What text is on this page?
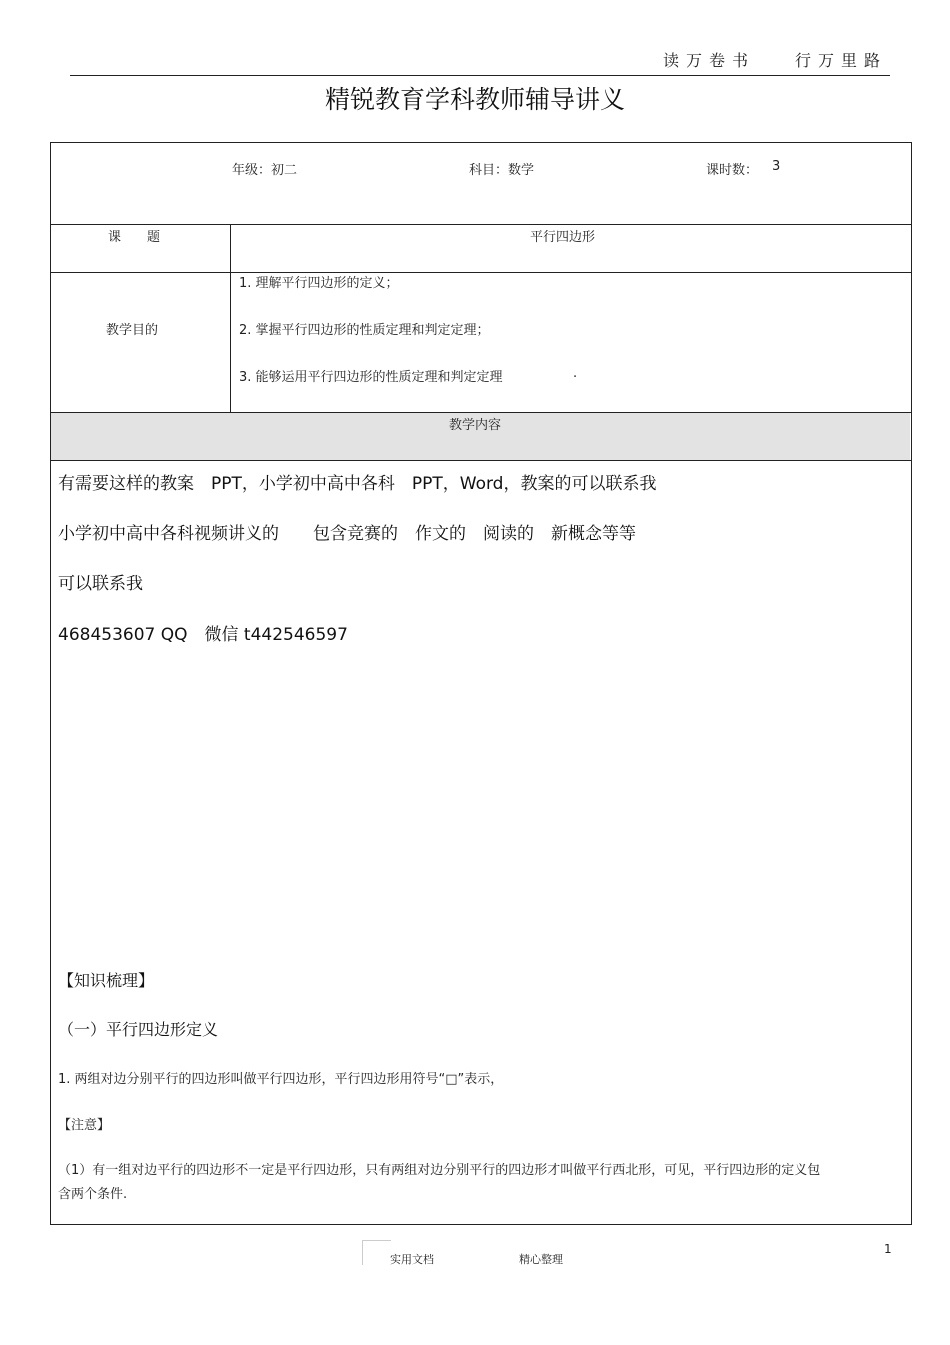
读万卷书 行万里路
精锐教育学科教师辅导讲义
年级：初二	科目：数学	课时数： 3
课　　题	平行四边形
教学目的
1. 理解平行四边形的定义；
2. 掌握平行四边形的性质定理和判定定理；
3. 能够运用平行四边形的性质定理和判定定理	.
教学内容
有需要这样的教案　PPT，小学初中高中各科　PPT，Word，教案的可以联系我
小学初中高中各科视频讲义的　　包含竞赛的　作文的　阅读的　新概念等等
可以联系我
468453607 QQ　微信 t442546597
【知识梳理】
（一）平行四边形定义
1. 两组对边分别平行的四边形叫做平行四边形，平行四边形用符号“□”表示，
【注意】
（1）有一组对边平行的四边形不一定是平行四边形，只有两组对边分别平行的四边形才叫做平行西北形，可见，平行四边形的定义包含两个条件.
1
实用文档	精心整理
